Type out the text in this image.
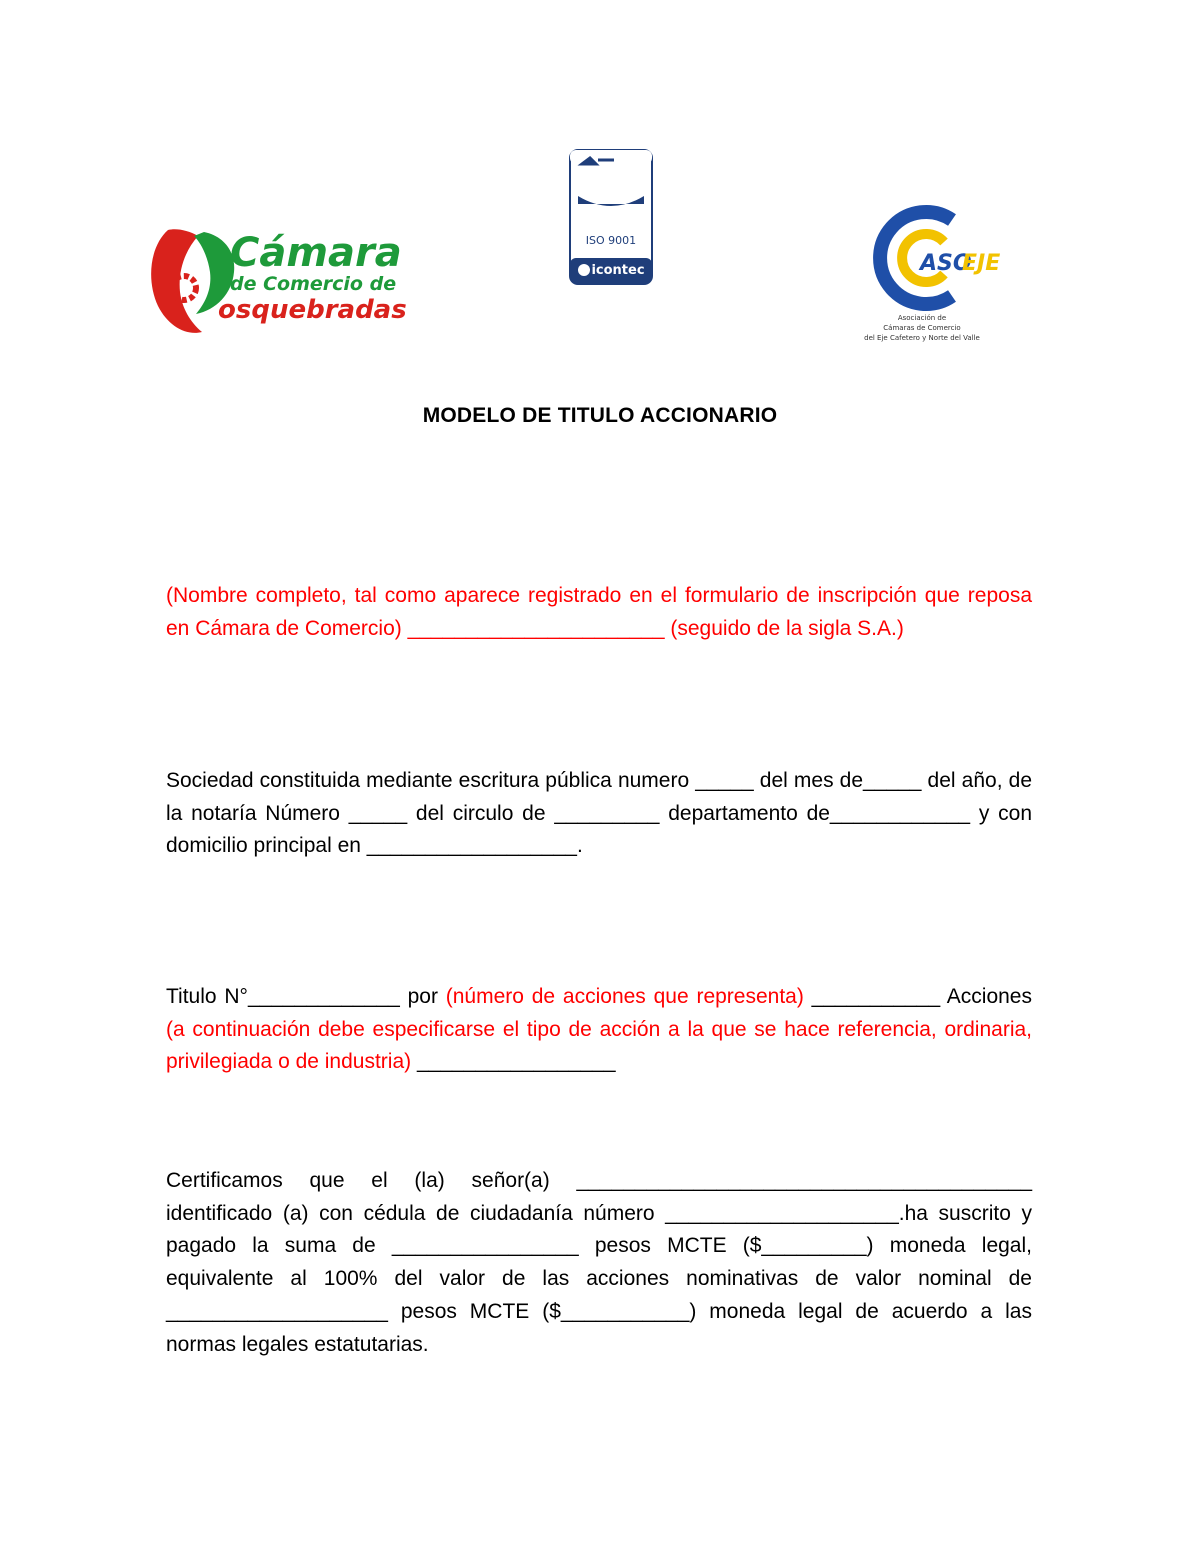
Cámara
de Comercio de
osquebradas
ISO 9001
icontec	ASO
EJE
Asociación de
Cámaras de Comercio
del Eje Cafetero y Norte del Valle
MODELO DE TITULO ACCIONARIO

(Nombre completo, tal como aparece registrado en el formulario de inscripción que reposa en Cámara de Comercio) ______________________ (seguido de la sigla S.A.)

Sociedad constituida mediante escritura pública numero _____ del mes de_____ del año, de la notaría Número _____ del circulo de _________ departamento de____________ y con domicilio principal en __________________.

Titulo N°_____________ por (número de acciones que representa) ___________ Acciones (a continuación debe especificarse el tipo de acción a la que se hace referencia, ordinaria, privilegiada o de industria) _________________

Certificamos que el (la) señor(a) _______________________________________ identificado (a) con cédula de ciudadanía número ____________________.ha suscrito y pagado la suma de ________________ pesos MCTE ($_________) moneda legal, equivalente al 100% del valor de las acciones nominativas de valor nominal de ___________________ pesos MCTE ($___________) moneda legal de acuerdo a las normas legales estatutarias.
